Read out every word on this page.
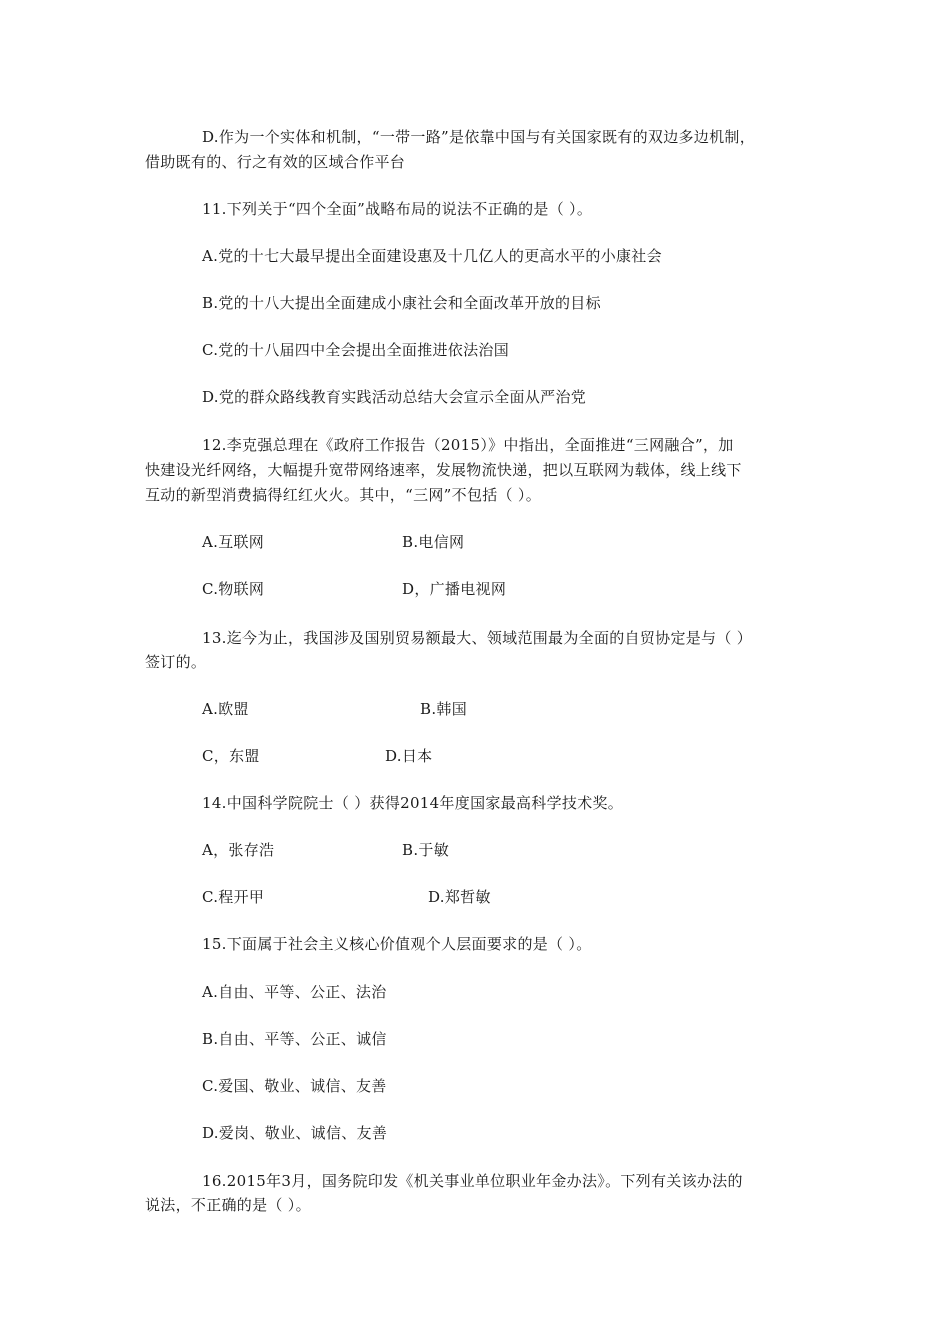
D.作为一个实体和机制，“一带一路”是依靠中国与有关国家既有的双边多边机制，
借助既有的、行之有效的区域合作平台
11.下列关于“四个全面”战略布局的说法不正确的是（ ）。
A.党的十七大最早提出全面建设惠及十几亿人的更高水平的小康社会
B.党的十八大提出全面建成小康社会和全面改革开放的目标
C.党的十八届四中全会提出全面推进依法治国
D.党的群众路线教育实践活动总结大会宣示全面从严治党
12.李克强总理在《政府工作报告（2015）》中指出，全面推进“三网融合”，加
快建设光纤网络，大幅提升宽带网络速率，发展物流快递，把以互联网为载体，线上线下
互动的新型消费搞得红红火火。其中，“三网”不包括（ ）。
A.互联网	B.电信网
C.物联网	D，广播电视网
13.迄今为止，我国涉及国别贸易额最大、领域范围最为全面的自贸协定是与（ ）
签订的。
A.欧盟	B.韩国
C，东盟	D.日本
14.中国科学院院士（ ）获得2014年度国家最高科学技术奖。
A，张存浩	B.于敏
C.程开甲	D.郑哲敏
15.下面属于社会主义核心价值观个人层面要求的是（ ）。
A.自由、平等、公正、法治
B.自由、平等、公正、诚信
C.爱国、敬业、诚信、友善
D.爱岗、敬业、诚信、友善
16.2015年3月，国务院印发《机关事业单位职业年金办法》。下列有关该办法的
说法，不正确的是（ ）。
